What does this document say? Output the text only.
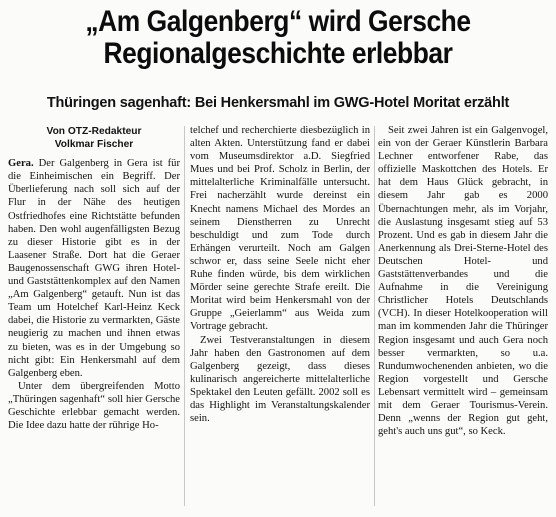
„Am Galgenberg“ wird Gersche
Regionalgeschichte erlebbar
Thüringen sagenhaft: Bei Henkersmahl im GWG-Hotel Moritat erzählt
Von OTZ-Redakteur
Volkmar Fischer

Gera. Der Galgenberg in Gera ist für die Einheimischen ein Begriff. Der Überlieferung nach soll sich auf der Flur in der Nähe des heutigen Ostfriedhofes eine Richtstätte befunden haben. Den wohl augenfälligsten Bezug zu dieser Historie gibt es in der Laasener Straße. Dort hat die Geraer Baugenossenschaft GWG ihren Hotel- und Gaststättenkomplex auf den Namen „Am Galgenberg“ getauft. Nun ist das Team um Hotelchef Karl-Heinz Keck dabei, die Historie zu vermarkten, Gäste neugierig zu machen und ihnen etwas zu bieten, was es in der Umgebung so nicht gibt: Ein Henkersmahl auf dem Galgenberg eben.

Unter dem übergreifenden Motto „Thüringen sagenhaft“ soll hier Gersche Geschichte erlebbar gemacht werden. Die Idee dazu hatte der rührige Ho-

telchef und recherchierte diesbezüglich in alten Akten. Unterstützung fand er dabei vom Museumsdirektor a.D. Siegfried Mues und bei Prof. Scholz in Berlin, der mittelalterliche Kriminalfälle untersucht. Frei nacherzählt wurde dereinst ein Knecht namens Michael des Mordes an seinem Dienstherren zu Unrecht beschuldigt und zum Tode durch Erhängen verurteilt. Noch am Galgen schwor er, dass seine Seele nicht eher Ruhe finden würde, bis dem wirklichen Mörder seine gerechte Strafe ereilt. Die Moritat wird beim Henkersmahl von der Gruppe „Geierlamm“ aus Weida zum Vortrage gebracht.

Zwei Testveranstaltungen in diesem Jahr haben den Gastronomen auf dem Galgenberg gezeigt, dass dieses kulinarisch angereicherte mittelalterliche Spektakel den Leuten gefällt. 2002 soll es das Highlight im Veranstaltungskalender sein.

Seit zwei Jahren ist ein Galgenvogel, ein von der Geraer Künstlerin Barbara Lechner entworfener Rabe, das offizielle Maskottchen des Hotels. Er hat dem Haus Glück gebracht, in diesem Jahr gab es 2000 Übernachtungen mehr, als im Vorjahr, die Auslastung insgesamt stieg auf 53 Prozent. Und es gab in diesem Jahr die Anerkennung als Drei-Sterne-Hotel des Deutschen Hotel- und Gaststättenverbandes und die Aufnahme in die Vereinigung Christlicher Hotels Deutschlands (VCH). In dieser Hotelkooperation will man im kommenden Jahr die Thüringer Region insgesamt und auch Gera noch besser vermarkten, so u.a. Rundumwochenenden anbieten, wo die Region vorgestellt und Gersche Lebensart vermittelt wird – gemeinsam mit dem Geraer Tourismus-Verein. Denn „wenns der Region gut geht, geht's auch uns gut“, so Keck.
